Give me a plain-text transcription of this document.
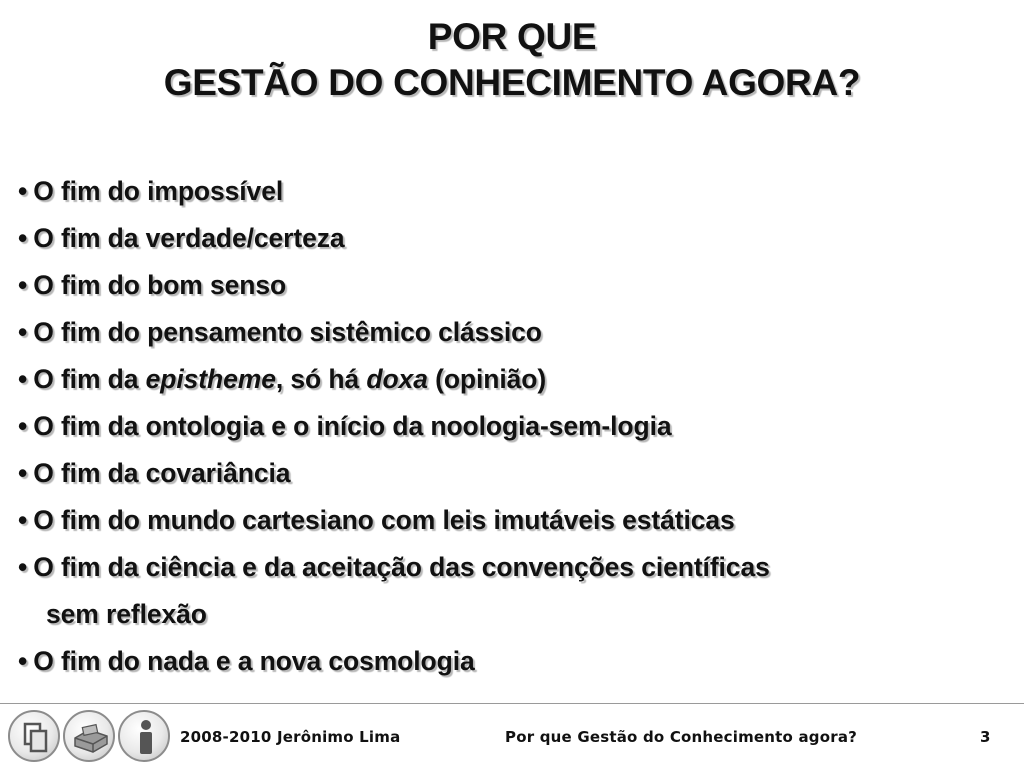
POR QUE
GESTÃO DO CONHECIMENTO AGORA?
• O fim do impossível
• O fim da verdade/certeza
• O fim do bom senso
• O fim do pensamento sistêmico clássico
• O fim da epistheme, só há doxa (opinião)
• O fim da ontologia e o início da noologia-sem-logia
• O fim da covariância
• O fim do mundo cartesiano com leis imutáveis estáticas
• O fim da ciência e da aceitação das convenções científicas
sem reflexão
• O fim do nada e a nova cosmologia
2008-2010 Jerônimo Lima	Por que Gestão do Conhecimento agora?	3
